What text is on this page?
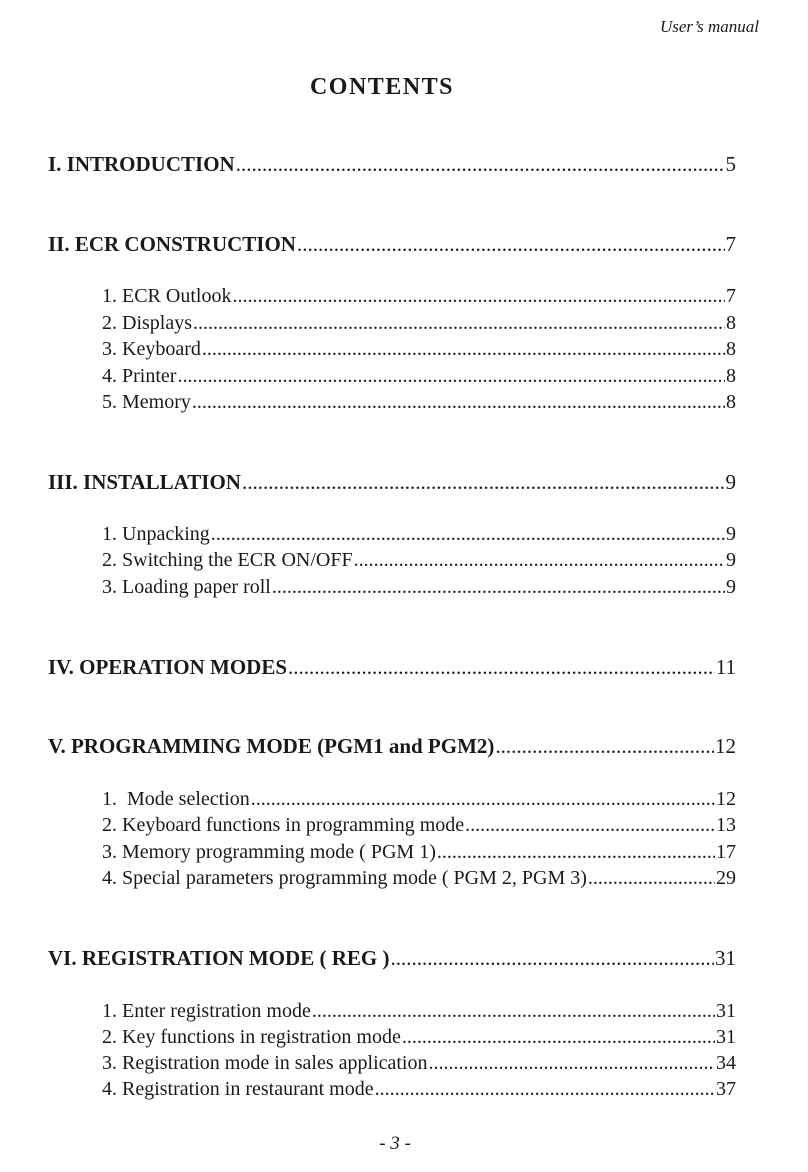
User’s manual
CONTENTS
I. INTRODUCTION .....	5
II. ECR CONSTRUCTION .....	7
1. ECR Outlook .....	7
2. Displays .....	8
3. Keyboard .....	8
4. Printer .....	8
5. Memory .....	8
III. INSTALLATION .....	9
1. Unpacking .....	9
2. Switching the ECR ON/OFF .....	9
3. Loading paper roll .....	9
IV. OPERATION MODES .....	11
V. PROGRAMMING MODE (PGM1 and PGM2) .....	12
1.  Mode selection .....	12
2. Keyboard functions in programming mode .....	13
3. Memory programming mode ( PGM 1) .....	17
4. Special parameters programming mode ( PGM 2, PGM 3) .....	29
VI. REGISTRATION MODE ( REG ) .....	31
1. Enter registration mode .....	31
2. Key functions in registration mode .....	31
3. Registration mode in sales application .....	34
4. Registration in restaurant mode .....	37
- 3 -
